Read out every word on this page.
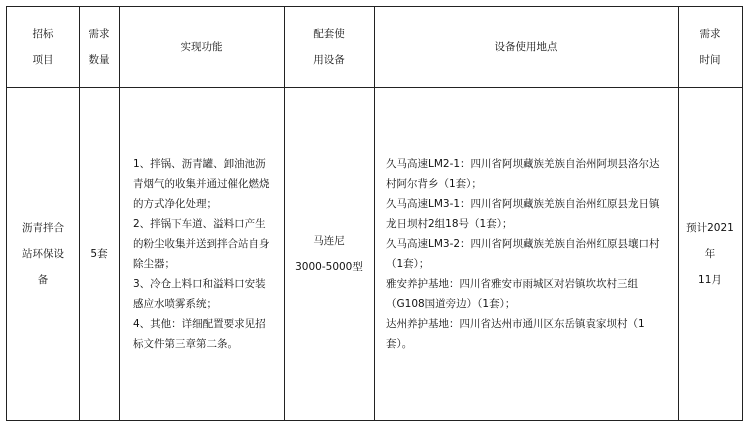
招标
项目
需求
数量
实现功能
配套使
用设备
设备使用地点
需求
时间
沥青拌合
站环保设
备
5套
1、拌锅、沥青罐、卸油池沥青烟气的收集并通过催化燃烧的方式净化处理；
2、拌锅下车道、溢料口产生的粉尘收集并送到拌合站自身除尘器；
3、冷仓上料口和溢料口安装感应水喷雾系统；
4、其他：详细配置要求见招标文件第三章第二条。
马连尼
3000-5000型
久马高速LM2-1：四川省阿坝藏族羌族自治州阿坝县洛尔达村阿尔背乡（1套）；
久马高速LM3-1：四川省阿坝藏族羌族自治州红原县龙日镇龙日坝村2组18号（1套）；
久马高速LM3-2：四川省阿坝藏族羌族自治州红原县壤口村（1套）；
雅安养护基地：四川省雅安市雨城区对岩镇坎坎村三组（G108国道旁边）（1套）；
达州养护基地：四川省达州市通川区东岳镇袁家坝村（1套）。
预计2021
年
11月
